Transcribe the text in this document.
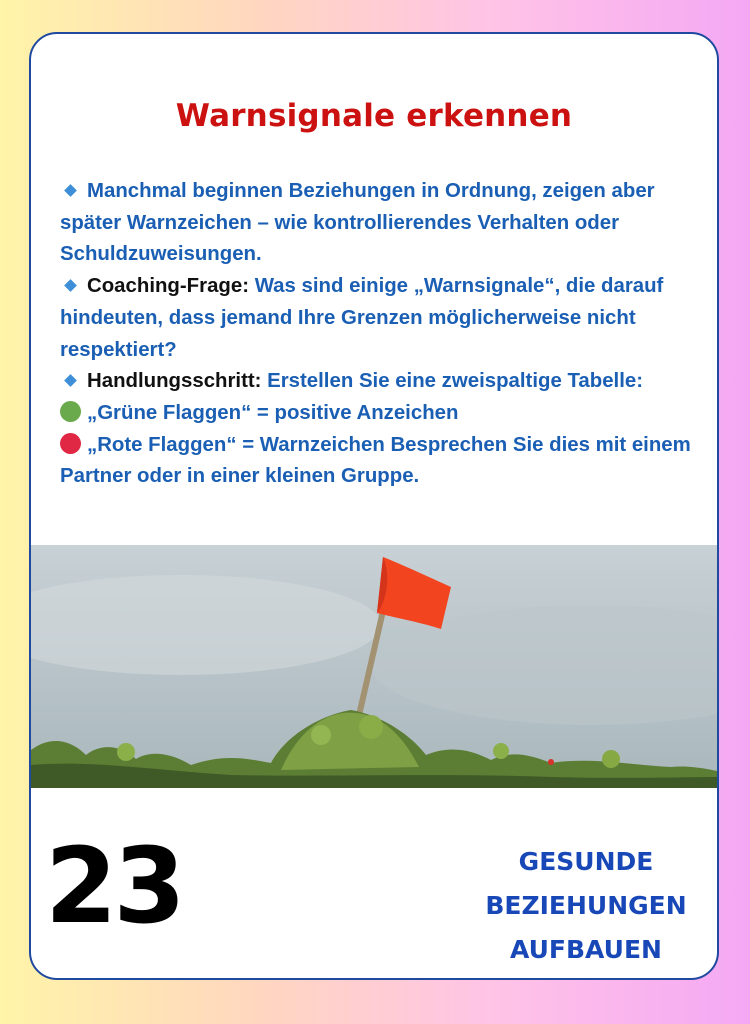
Warnsignale erkennen

Manchmal beginnen Beziehungen in Ordnung, zeigen aber später Warnzeichen – wie kontrollierendes Verhalten oder Schuldzuweisungen.

Coaching-Frage: Was sind einige „Warnsignale“, die darauf hindeuten, dass jemand Ihre Grenzen möglicherweise nicht respektiert?

Handlungsschritt: Erstellen Sie eine zweispaltige Tabelle:

„Grüne Flaggen“ = positive Anzeichen

„Rote Flaggen“ = Warnzeichen Besprechen Sie dies mit einem Partner oder in einer kleinen Gruppe.

23	GESUNDE
BEZIEHUNGEN
AUFBAUEN
